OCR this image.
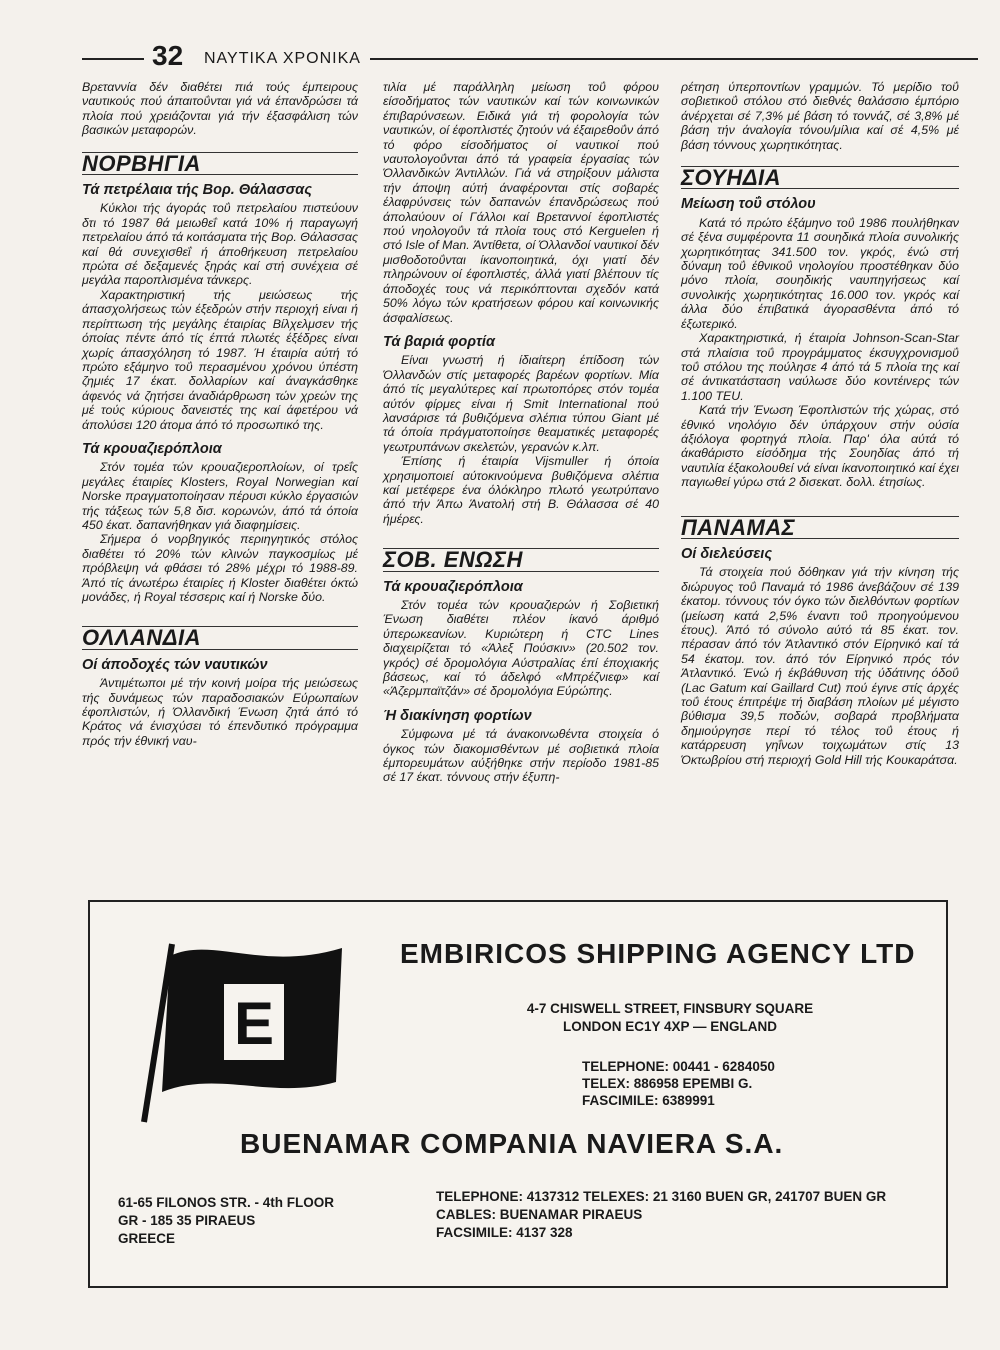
32 ΝΑΥΤΙΚΑ ΧΡΟΝΙΚΑ

Βρεταννία δέν διαθέτει πιά τούς έμπειρους ναυτικούς πού άπαιτοΰνται γιά νά έπανδρώσει τά πλοία πού χρειάζονται γιά τήν έξασφάλιση τών βασικών μεταφορών.

ΝΟΡΒΗΓΙΑ
Τά πετρέλαια τής Βορ. Θάλασσας

Κύκλοι τής άγοράς τοΰ πετρελαίου πιστεύουν δτι τό 1987 θά μειωθεΐ κατά 10% ή παραγωγή πετρελαίου άπό τά κοιτάσματα τής Βορ. Θάλασσας καί θά συνεχισθεΐ ή άποθήκευση πετρελαίου πρώτα σέ δεξαμενές ξηράς καί στή συνέχεια σέ μεγάλα παροπλισμένα τάνκερς.

Χαρακτηριστική τής μειώσεως τής άπασχολήσεως τών έξεδρών στήν περιοχή είναι ή περίπτωση τής μεγάλης έταιρίας Βίλχελμσεν τής όποίας πέντε άπό τίς έπτά πλωτές έξέδρες είναι χωρίς άπασχόληση τό 1987. Ή έταιρία αύτή τό πρώτο εξάμηνο τοΰ περασμένου χρόνου ύπέστη ζημιές 17 έκατ. δολλαρίων καί άναγκάσθηκε άφενός νά ζητήσει άναδιάρθρωση τών χρεών της μέ τούς κύριους δανειστές της καί άφετέρου νά άπολύσει 120 άτομα άπό τό προσωπικό της.

Τά κρουαζιερόπλοια

Στόν τομέα τών κρουαζιεροπλοίων, οί τρεΐς μεγάλες έταιρίες Klosters, Royal Norwegian καί Norske πραγματοποίησαν πέρυσι κύκλο έργασιών τής τάξεως τών 5,8 δισ. κορωνών, άπό τά όποία 450 έκατ. δαπανήθηκαν γιά διαφημίσεις.

Σήμερα ό νορβηγικός περιηγητικός στόλος διαθέτει τό 20% τών κλινών παγκοσμίως μέ πρόβλεψη νά φθάσει τό 28% μέχρι τό 1988-89. Άπό τίς άνωτέρω έταιρίες ή Kloster διαθέτει όκτώ μονάδες, ή Royal τέσσερις καί ή Norske δύο.

ΟΛΛΑΝΔΙΑ
Οί άποδοχές τών ναυτικών

Άντιμέτωποι μέ τήν κοινή μοίρα τής μειώσεως τής δυνάμεως τών παραδοσιακών Εύρωπαίων έφοπλιστών, ή Όλλανδική Ένωση ζητά άπό τό Κράτος νά ένισχύσει τό έπενδυτικό πρόγραμμα πρός τήν έθνική ναυ-

τιλία μέ παράλληλη μείωση τοΰ φόρου είσοδήματος τών ναυτικών καί τών κοινωνικών έπιβαρύνσεων. Ειδικά γιά τή φορολογία τών ναυτικών, οί έφοπλιστές ζητούν νά έξαιρεθοΰν άπό τό φόρο είσοδήματος οί ναυτικοί πού ναυτολογοΰνται άπό τά γραφεία έργασίας τών Όλλανδικών Άντιλλών. Γιά νά στηρίξουν μάλιστα τήν άποψη αύτή άναφέρονται στίς σοβαρές έλαφρύνσεις τών δαπανών έπανδρώσεως πού άπολαύουν οί Γάλλοι καί Βρεταννοί έφοπλιστές πού νηολογοΰν τά πλοία τους στό Kerguelen ή στό Isle of Man. Άντίθετα, οί Όλλανδοί ναυτικοί δέν μισθοδοτοΰνται ίκανοποιητικά, όχι γιατί δέν πληρώνουν οί έφοπλιστές, άλλά γιατί βλέπουν τίς άποδοχές τους νά περικόπτονται σχεδόν κατά 50% λόγω τών κρατήσεων φόρου καί κοινωνικής άσφαλίσεως.

Τά βαριά φορτία

Είναι γνωστή ή ίδιαίτερη έπίδοση τών Όλλανδών στίς μεταφορές βαρέων φορτίων. Μία άπό τίς μεγαλύτερες καί πρωτοπόρες στόν τομέα αύτόν φίρμες είναι ή Smit International πού λανσάρισε τά βυθιζόμενα σλέπια τύπου Giant μέ τά όποία πράγματοποίησε θεαματικές μεταφορές γεωτρυπάνων σκελετών, γερανών κ.λπ.

Έπίσης ή έταιρία Vijsmuller ή όποία χρησιμοποιεί αύτοκινούμενα βυθιζόμενα σλέπια καί μετέφερε ένα όλόκληρο πλωτό γεωτρύπανο άπό τήν Άπω Άνατολή στή Β. Θάλασσα σέ 40 ήμέρες.

ΣΟΒ. ΕΝΩΣΗ
Τά κρουαζιερόπλοια

Στόν τομέα τών κρουαζιερών ή Σοβιετική Ένωση διαθέτει πλέον ίκανό άριθμό ύπερωκεανίων. Κυριώτερη ή CTC Lines διαχειρίζεται τό «Άλεξ Πούσκιν» (20.502 τον. γκρός) σέ δρομολόγια Αύστραλίας έπί έποχιακής βάσεως, καί τό άδελφό «Μπρέζνιεφ» καί «Άζερμπαϊτζάν» σέ δρομολόγια Εύρώπης.

Ή διακίνηση φορτίων

Σύμφωνα μέ τά άνακοινωθέντα στοιχεία ό όγκος τών διακομισθέντων μέ σοβιετικά πλοία έμπορευμάτων αύξήθηκε στήν περίοδο 1981-85 σέ 17 έκατ. τόννους στήν έξυπη-

ρέτηση ύπερποντίων γραμμών. Τό μερίδιο τοΰ σοβιετικοΰ στόλου στό διεθνές θαλάσσιο έμπόριο άνέρχεται σέ 7,3% μέ βάση τό τοννάζ, σέ 3,8% μέ βάση τήν άναλογία τόνου/μίλια καί σέ 4,5% μέ βάση τόννους χωρητικότητας.

ΣΟΥΗΔΙΑ
Μείωση τοΰ στόλου

Κατά τό πρώτο έξάμηνο τοΰ 1986 πουλήθηκαν σέ ξένα συμφέροντα 11 σουηδικά πλοία συνολικής χωρητικότητας 341.500 τον. γκρός, ένώ στή δύναμη τοΰ έθνικοΰ νηολογίου προστέθηκαν δύο μόνο πλοία, σουηδικής ναυπηγήσεως καί συνολικής χωρητικότητας 16.000 τον. γκρός καί άλλα δύο έπιβατικά άγορασθέντα άπό τό έξωτερικό.

Χαρακτηριστικά, ή έταιρία Johnson-Scan-Star στά πλαίσια τοΰ προγράμματος έκσυγχρονισμοΰ τοΰ στόλου της πούλησε 4 άπό τά 5 πλοία της καί σέ άντικατάσταση ναύλωσε δύο κοντέινερς τών 1.100 TEU.

Κατά τήν Ένωση Έφοπλιστών τής χώρας, στό έθνικό νηολόγιο δέν ύπάρχουν στήν ούσία άξιόλογα φορτηγά πλοία. Παρ' όλα αύτά τό άκαθάριστο είσόδημα τής Σουηδίας άπό τή ναυτιλία έξακολουθεί νά είναι ίκανοποιητικό καί έχει παγιωθεί γύρω στά 2 δισεκατ. δολλ. έτησίως.

ΠΑΝΑΜΑΣ
Οί διελεύσεις

Τά στοιχεία πού δόθηκαν γιά τήν κίνηση τής διώρυγος τοΰ Παναμά τό 1986 άνεβάζουν σέ 139 έκατομ. τόννους τόν όγκο τών διελθόντων φορτίων (μείωση κατά 2,5% έναντι τοΰ προηγούμενου έτους). Άπό τό σύνολο αύτό τά 85 έκατ. τον. πέρασαν άπό τόν Άτλαντικό στόν Είρηνικό καί τά 54 έκατομ. τον. άπό τόν Είρηνικό πρός τόν Άτλαντικό. Ένώ ή έκβάθυνση τής ύδάτινης όδοΰ (Lac Gatum καί Gaillard Cut) πού έγινε στίς άρχές τοΰ έτους έπιτρέψε τή διαβάση πλοίων μέ μέγιστο βύθισμα 39,5 ποδών, σοβαρά προβλήματα δημιούργησε περί τό τέλος τοΰ έτους ή κατάρρευση γηΐνων τοιχωμάτων στίς 13 Όκτωβρίου στή περιοχή Gold Hill τής Κουκαράτσα.

E
EMBIRICOS SHIPPING AGENCY LTD
4-7 CHISWELL STREET, FINSBURY SQUARE
LONDON EC1Y 4XP — ENGLAND
TELEPHONE: 00441 - 6284050
TELEX: 886958 EPEMBI G.
FASCIMILE: 6389991
BUENAMAR COMPANIA NAVIERA S.A.
61-65 FILONOS STR. - 4th FLOOR
GR - 185 35 PIRAEUS
GREECE
TELEPHONE: 4137312 TELEXES: 21 3160 BUEN GR, 241707 BUEN GR
CABLES: BUENAMAR PIRAEUS
FACSIMILE: 4137 328
